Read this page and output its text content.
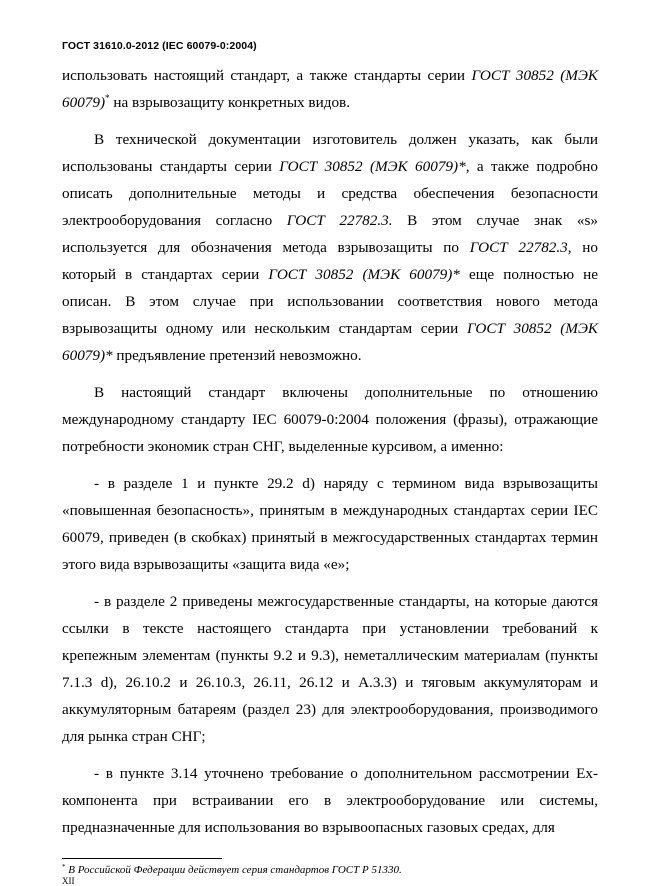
ГОСТ 31610.0-2012 (IEC 60079-0:2004)

использовать настоящий стандарт, а также стандарты серии ГОСТ 30852 (МЭК 60079)* на взрывозащиту конкретных видов.

В технической документации изготовитель должен указать, как были использованы стандарты серии ГОСТ 30852 (МЭК 60079)*, а также подробно описать дополнительные методы и средства обеспечения безопасности электрооборудования согласно ГОСТ 22782.3. В этом случае знак «s» используется для обозначения метода взрывозащиты по ГОСТ 22782.3, но который в стандартах серии ГОСТ 30852 (МЭК 60079)* еще полностью не описан. В этом случае при использовании соответствия нового метода взрывозащиты одному или нескольким стандартам серии ГОСТ 30852 (МЭК 60079)* предъявление претензий невозможно.

В настоящий стандарт включены дополнительные по отношению международному стандарту IEC 60079-0:2004 положения (фразы), отражающие потребности экономик стран СНГ, выделенные курсивом, а именно:

- в разделе 1 и пункте 29.2 d) наряду с термином вида взрывозащиты «повышенная безопасность», принятым в международных стандартах серии IEC 60079, приведен (в скобках) принятый в межгосударственных стандартах термин этого вида взрывозащиты «защита вида «е»;

- в разделе 2 приведены межгосударственные стандарты, на которые даются ссылки в тексте настоящего стандарта при установлении требований к крепежным элементам (пункты 9.2 и 9.3), неметаллическим материалам (пункты 7.1.3 d), 26.10.2 и 26.10.3, 26.11, 26.12 и А.3.3) и тяговым аккумуляторам и аккумуляторным батареям (раздел 23) для электрооборудования, производимого для рынка стран СНГ;

- в пункте 3.14 уточнено требование о дополнительном рассмотрении Ex-компонента при встраивании его в электрооборудование или системы, предназначенные для использования во взрывоопасных газовых средах, для

* В Российской Федерации действует серия стандартов ГОСТ Р 51330.
XII
